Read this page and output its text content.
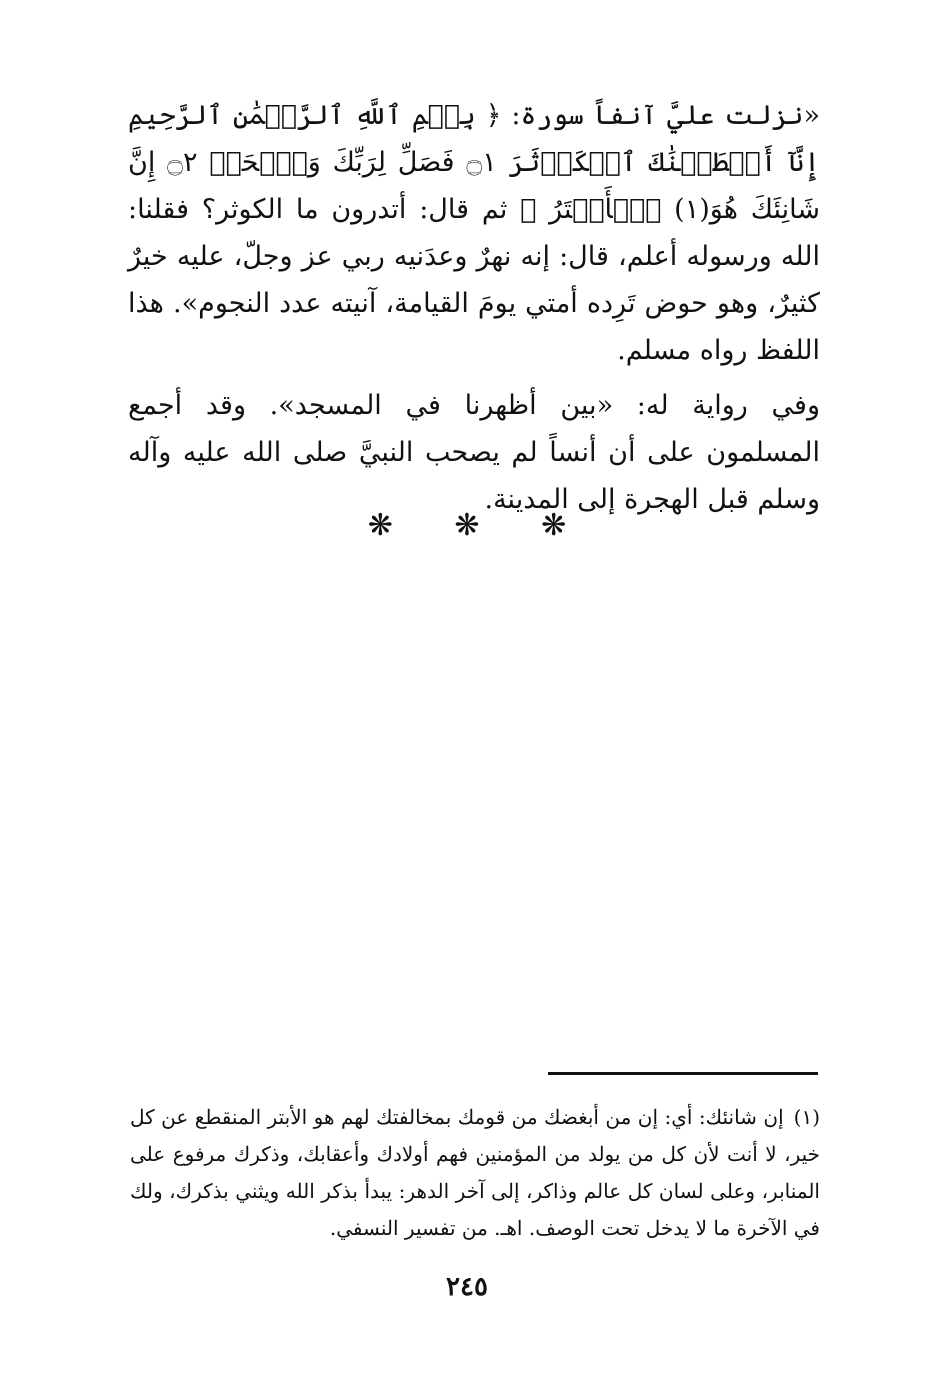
«نزلت عليَّ آنفاً سورة: ﴿ بِسۡمِ ٱللَّهِ ٱلرَّحۡمَٰنِ ٱلرَّحِيمِ إِنَّآ أَعۡطَيۡنَٰكَ ٱلۡكَوۡثَرَ ۝١ فَصَلِّ لِرَبِّكَ وَٱنۡحَرۡ ۝٢ إِنَّ شَانِئَكَ هُوَ(١) ٱلۡأَبۡتَرُ ﴾ ثم قال: أتدرون ما الكوثر؟ فقلنا: الله ورسوله أعلم، قال: إنه نهرٌ وعدَنيه ربي عز وجلّ، عليه خيرٌ كثيرٌ، وهو حوض تَرِده أمتي يومَ القيامة، آنيته عدد النجوم». هذا اللفظ رواه مسلم.

وفي رواية له: «بين أظهرنا في المسجد». وقد أجمع المسلمون على أن أنساً لم يصحب النبيَّ صلى الله عليه وآله وسلم قبل الهجرة إلى المدينة.

❋ ❋ ❋
(١)إن شانئك: أي: إن من أبغضك من قومك بمخالفتك لهم هو الأبتر المنقطع عن كل خير، لا أنت لأن كل من يولد من المؤمنين فهم أولادك وأعقابك، وذكرك مرفوع على المنابر، وعلى لسان كل عالم وذاكر، إلى آخر الدهر: يبدأ بذكر الله ويثني بذكرك، ولك في الآخرة ما لا يدخل تحت الوصف. اهـ. من تفسير النسفي.
٢٤٥
